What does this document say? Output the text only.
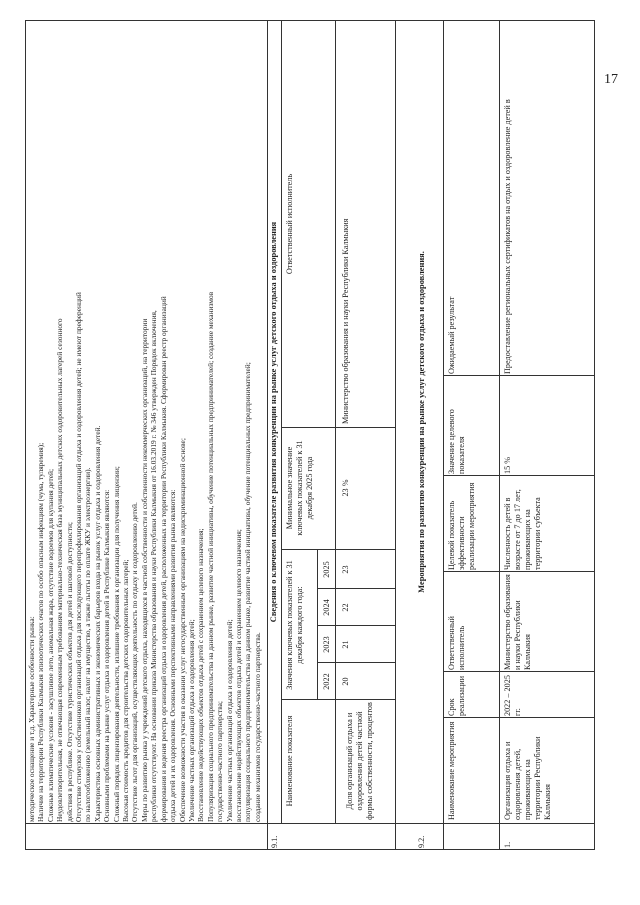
17
методическое оснащение и т.д. Характерные особенности рынка: Наличие на территории Республики Калмыкия эпизоотических очагов по особо опасным инфекциям (чума, туляремия); Сложные климатические условия - засушливое лето, аномальная жара, отсутствие водоемов для купания детей; Неудовлетворительная, не отвечающая современным требованиям материально-техническая база муниципальных детских оздоровительных лагерей сезонного действия в республике. Отсутствие туристических объектов для детей и шаговой доступности; Отсутствие стимулов у собственников организаций отдыха для последующего перепрофилирования организаций отдыха и оздоровления детей; не имеют преференций по налогообложению (земельный налог, налог на имущество, а также льготы по оплате ЖКУ и электроэнергии). Характеристика основных административных и экономических барьеров входа на рынок услуг отдыха и оздоровления детей. Основными проблемами на рынке услуг отдыха и оздоровления детей в Республике Калмыкия являются: Сложный порядок лицензирования деятельности, излишние требования к организации для получения лицензии; Высокая стоимость кредитов для строительства детских оздоровительных лагерей; Отсутствие льгот для организаций, осуществляющих деятельность по отдыху и оздоровлению детей. Меры по развитию рынка у учреждений детского отдыха, находящихся в частной собственности и собственности некоммерческих организаций, на территории республики отсутствуют. На основании приказа Министерства образования и науки Республики Калмыкия от 16.03.2019 г. № 346 утвержден Порядок включения, формирования и ведения реестра организаций отдыха и оздоровления детей, расположенных на территории Республики Калмыкия. Сформирован реестр организаций отдыха детей и их оздоровления. Основными перспективными направлениями развития рынка являются: Обеспечение возможности участия в оказании услуг негосударственным организациям на недискриминационной основе; Увеличение частных организаций отдыха и оздоровления детей; Восстановление недействующих объектов отдыха детей с сохранением целевого назначения; Популяризация социального предпринимательства на данном рынке, развитие частной инициативы, обучение потенциальных предпринимателей; создание механизмов государственно-частного партнерства; Увеличение частных организаций отдыха и оздоровления детей; восстановление недействующих объектов отдыха детей и сохранением целевого назначения; популяризация социального предпринимательства на данном рынке, развитие частной инициативы, обучение потенциальных предпринимателей; создание механизмов государственно-частного партнерства.
9.1.
Сведения о ключевом показателе развития конкуренции на рынке услуг детского отдыха и оздоровления
Наименование показателя
Значения ключевых показателей к 31 декабря каждого года:
Минимальное значение ключевых показателей к 31 декабря 2025 года
Ответственный исполнитель
2022
2023
2024
2025
Доля организаций отдыха и оздоровления детей частной формы собственности, процентов
20
21
22
23
23 %
Министерство образования и науки Республики Калмыкия
9.2.
Мероприятия по развитию конкуренции на рынке услуг детского отдыха и оздоровления.
Наименование мероприятия
Срок реализации
Ответственный исполнитель
Целевой показатель эффективности реализации мероприятия
Значение целевого показателя
Ожидаемый результат
1.
Организация отдыха и оздоровления детей, проживающих на территории Республики Калмыкия
2022 – 2025 гг.
Министерство образования и науки Республики Калмыкия
Численность детей в возрасте от 7 до 17 лет, проживающих на территории субъекта
15 %
Предоставление региональных сертификатов на отдых и оздоровление детей в
